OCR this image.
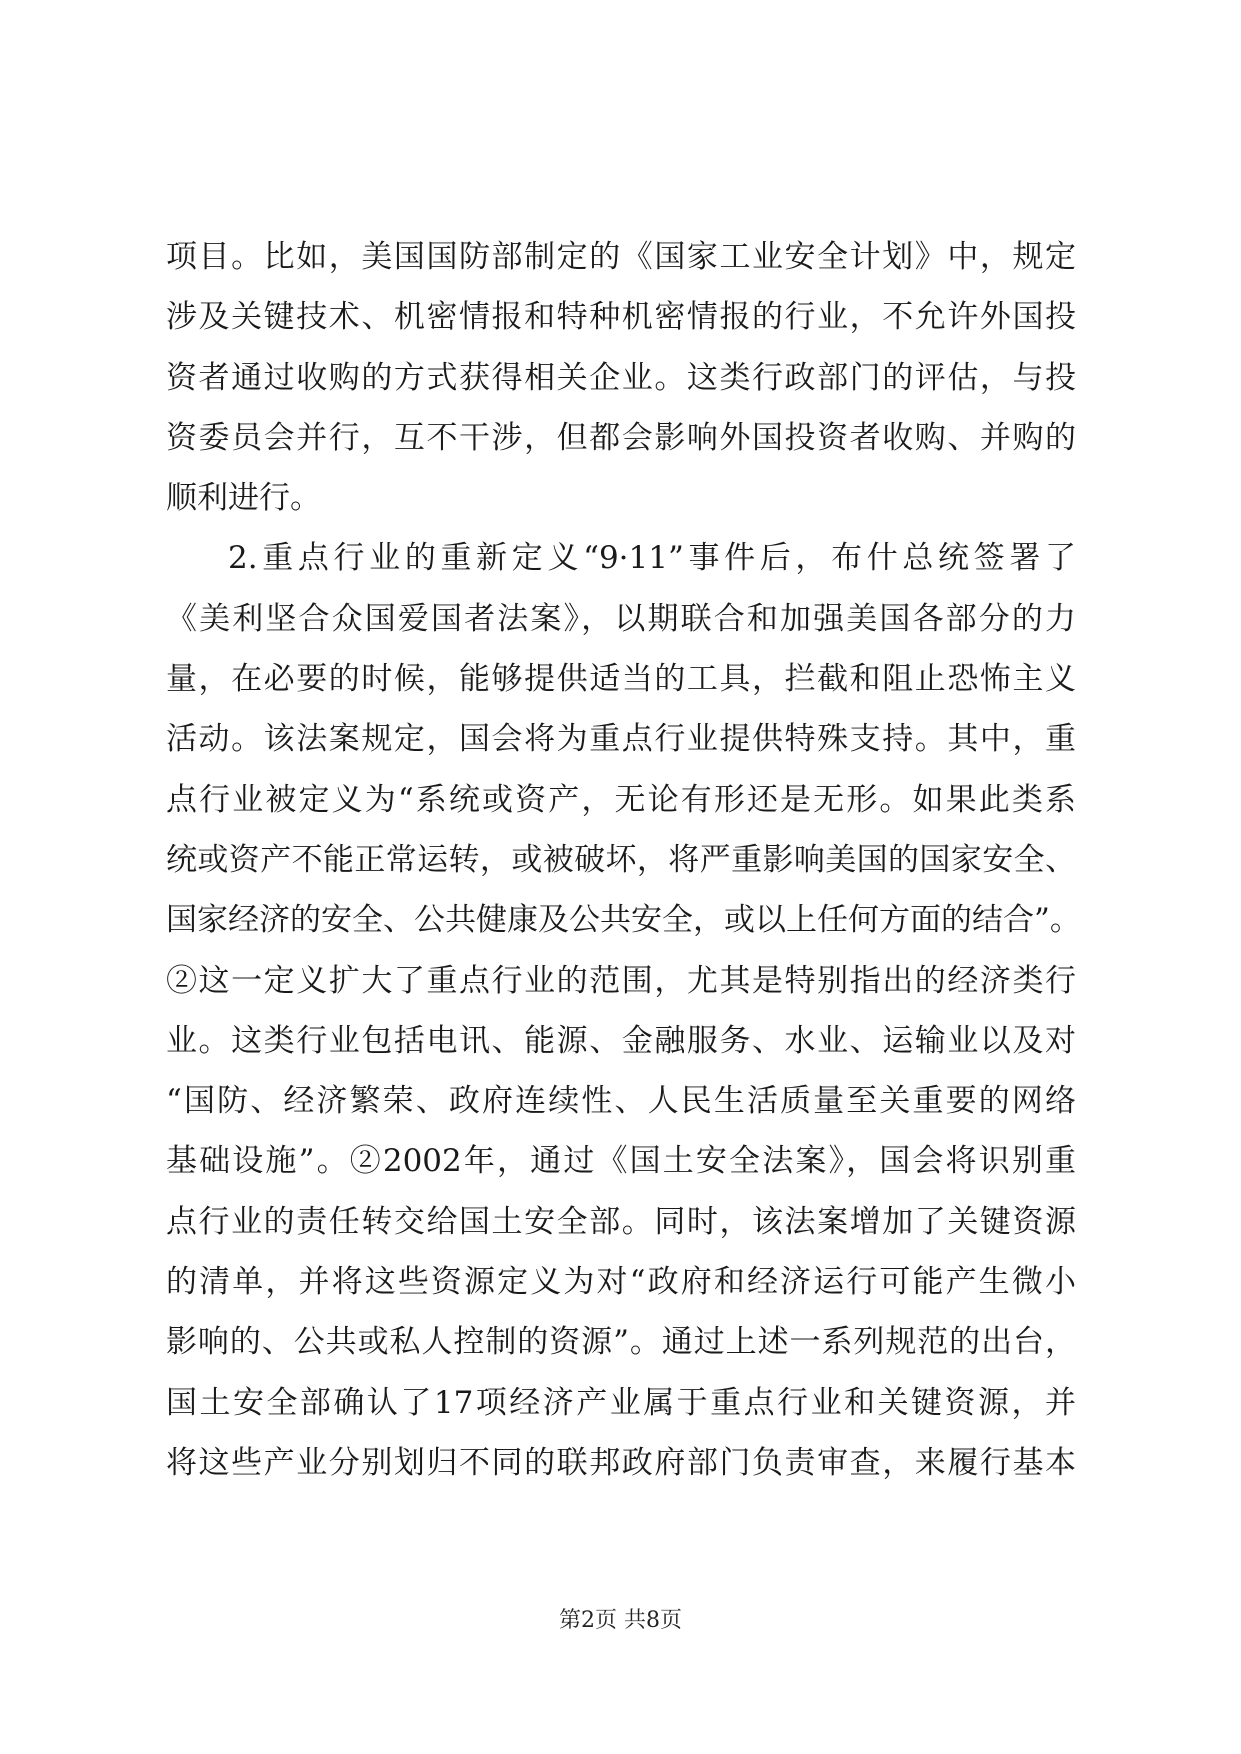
项目。比如，美国国防部制定的《国家工业安全计划》中，规定
涉及关键技术、机密情报和特种机密情报的行业，不允许外国投
资者通过收购的方式获得相关企业。这类行政部门的评估，与投
资委员会并行，互不干涉，但都会影响外国投资者收购、并购的
顺利进行。
2.重点行业的重新定义“9·11”事件后，布什总统签署了
《美利坚合众国爱国者法案》，以期联合和加强美国各部分的力
量，在必要的时候，能够提供适当的工具，拦截和阻止恐怖主义
活动。该法案规定，国会将为重点行业提供特殊支持。其中，重
点行业被定义为“系统或资产，无论有形还是无形。如果此类系
统或资产不能正常运转，或被破坏，将严重影响美国的国家安全、
国家经济的安全、公共健康及公共安全，或以上任何方面的结合”。
②这一定义扩大了重点行业的范围，尤其是特别指出的经济类行
业。这类行业包括电讯、能源、金融服务、水业、运输业以及对
“国防、经济繁荣、政府连续性、人民生活质量至关重要的网络
基础设施”。②2002年，通过《国土安全法案》，国会将识别重
点行业的责任转交给国土安全部。同时，该法案增加了关键资源
的清单，并将这些资源定义为对“政府和经济运行可能产生微小
影响的、公共或私人控制的资源”。通过上述一系列规范的出台，
国土安全部确认了17项经济产业属于重点行业和关键资源，并
将这些产业分别划归不同的联邦政府部门负责审查，来履行基本
第2页 共8页
